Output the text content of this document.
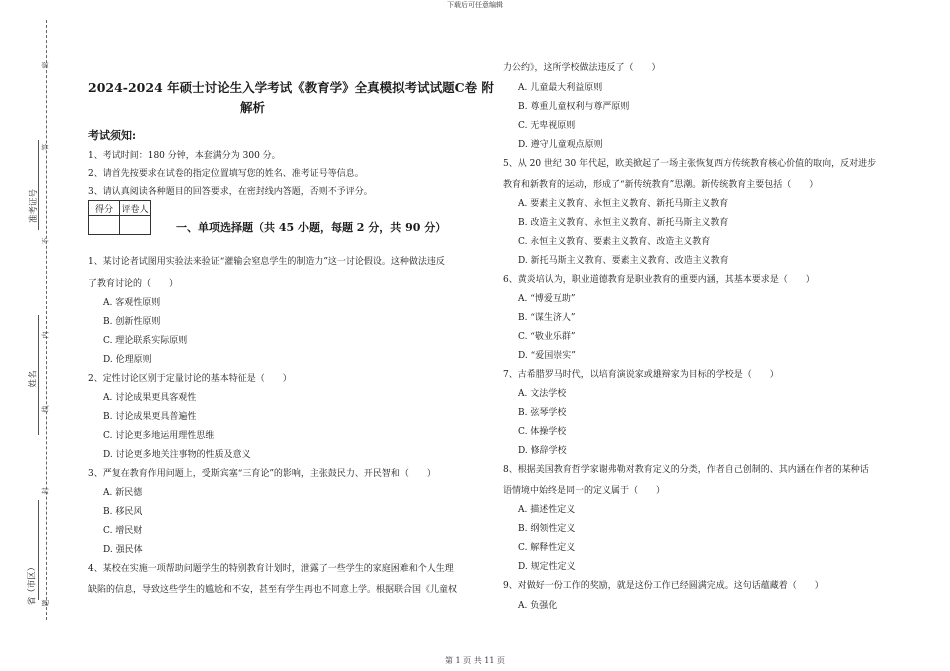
下载后可任意编辑
准考证号
姓名
省（市区）
密
答
不
内
线
封
题
2024-2024 年硕士讨论生入学考试《教育学》全真模拟考试试题C卷 附
解析
考试须知:
1、考试时间：180 分钟，本套满分为 300 分。
2、请首先按要求在试卷的指定位置填写您的姓名、准考证号等信息。
3、请认真阅读各种题目的回答要求，在密封线内答题，否则不予评分。
得分	评卷人

一、单项选择题（共 45 小题，每题 2 分，共 90 分）
1、某讨论者试图用实验法来验证“灌输会窒息学生的制造力”这一讨论假设。这种做法违反
了教育讨论的（　　）
A. 客观性原则
B. 创新性原则
C. 理论联系实际原则
D. 伦理原则
2、定性讨论区别于定量讨论的基本特征是（　　）
A. 讨论成果更具客观性
B. 讨论成果更具普遍性
C. 讨论更多地运用理性思维
D. 讨论更多地关注事物的性质及意义
3、严复在教育作用问题上，受斯宾塞“三育论”的影响，主张鼓民力、开民智和（　　）
A. 新民德
B. 移民风
C. 增民财
D. 强民体
4、某校在实施一项帮助问题学生的特别教育计划时，泄露了一些学生的家庭困难和个人生理
缺陷的信息，导致这些学生的尴尬和不安，甚至有学生再也不同意上学。根据联合国《儿童权
力公约》，这所学校做法违反了（　　）
A. 儿童最大利益原则
B. 尊重儿童权利与尊严原则
C. 无卑视原则
D. 遵守儿童观点原则
5、从 20 世纪 30 年代起，欧美掀起了一场主张恢复西方传统教育核心价值的取向，反对进步
教育和新教育的运动，形成了“新传统教育”思潮。新传统教育主要包括（　　）
A. 要素主义教育、永恒主义教育、新托马斯主义教育
B. 改造主义教育、永恒主义教育、新托马斯主义教育
C. 永恒主义教育、要素主义教育、改造主义教育
D. 新托马斯主义教育、要素主义教育、改造主义教育
6、黄炎培认为，职业道德教育是职业教育的重要内涵，其基本要求是（　　）
A. “博爱互助”
B. “谋生济人”
C. “敬业乐群”
D. “爱国崇实”
7、古希腊罗马时代，以培育演说家或雄辩家为目标的学校是（　　）
A. 文法学校
B. 弦琴学校
C. 体操学校
D. 修辞学校
8、根据美国教育哲学家谢弗勒对教育定义的分类，作者自己创制的、其内涵在作者的某种话
语情境中始终是同一的定义属于（　　）
A. 描述性定义
B. 纲领性定义
C. 解释性定义
D. 规定性定义
9、对做好一份工作的奖励，就是这份工作已经圆满完成。这句话蕴藏着（　　）
A. 负强化
第 1 页 共 11 页
